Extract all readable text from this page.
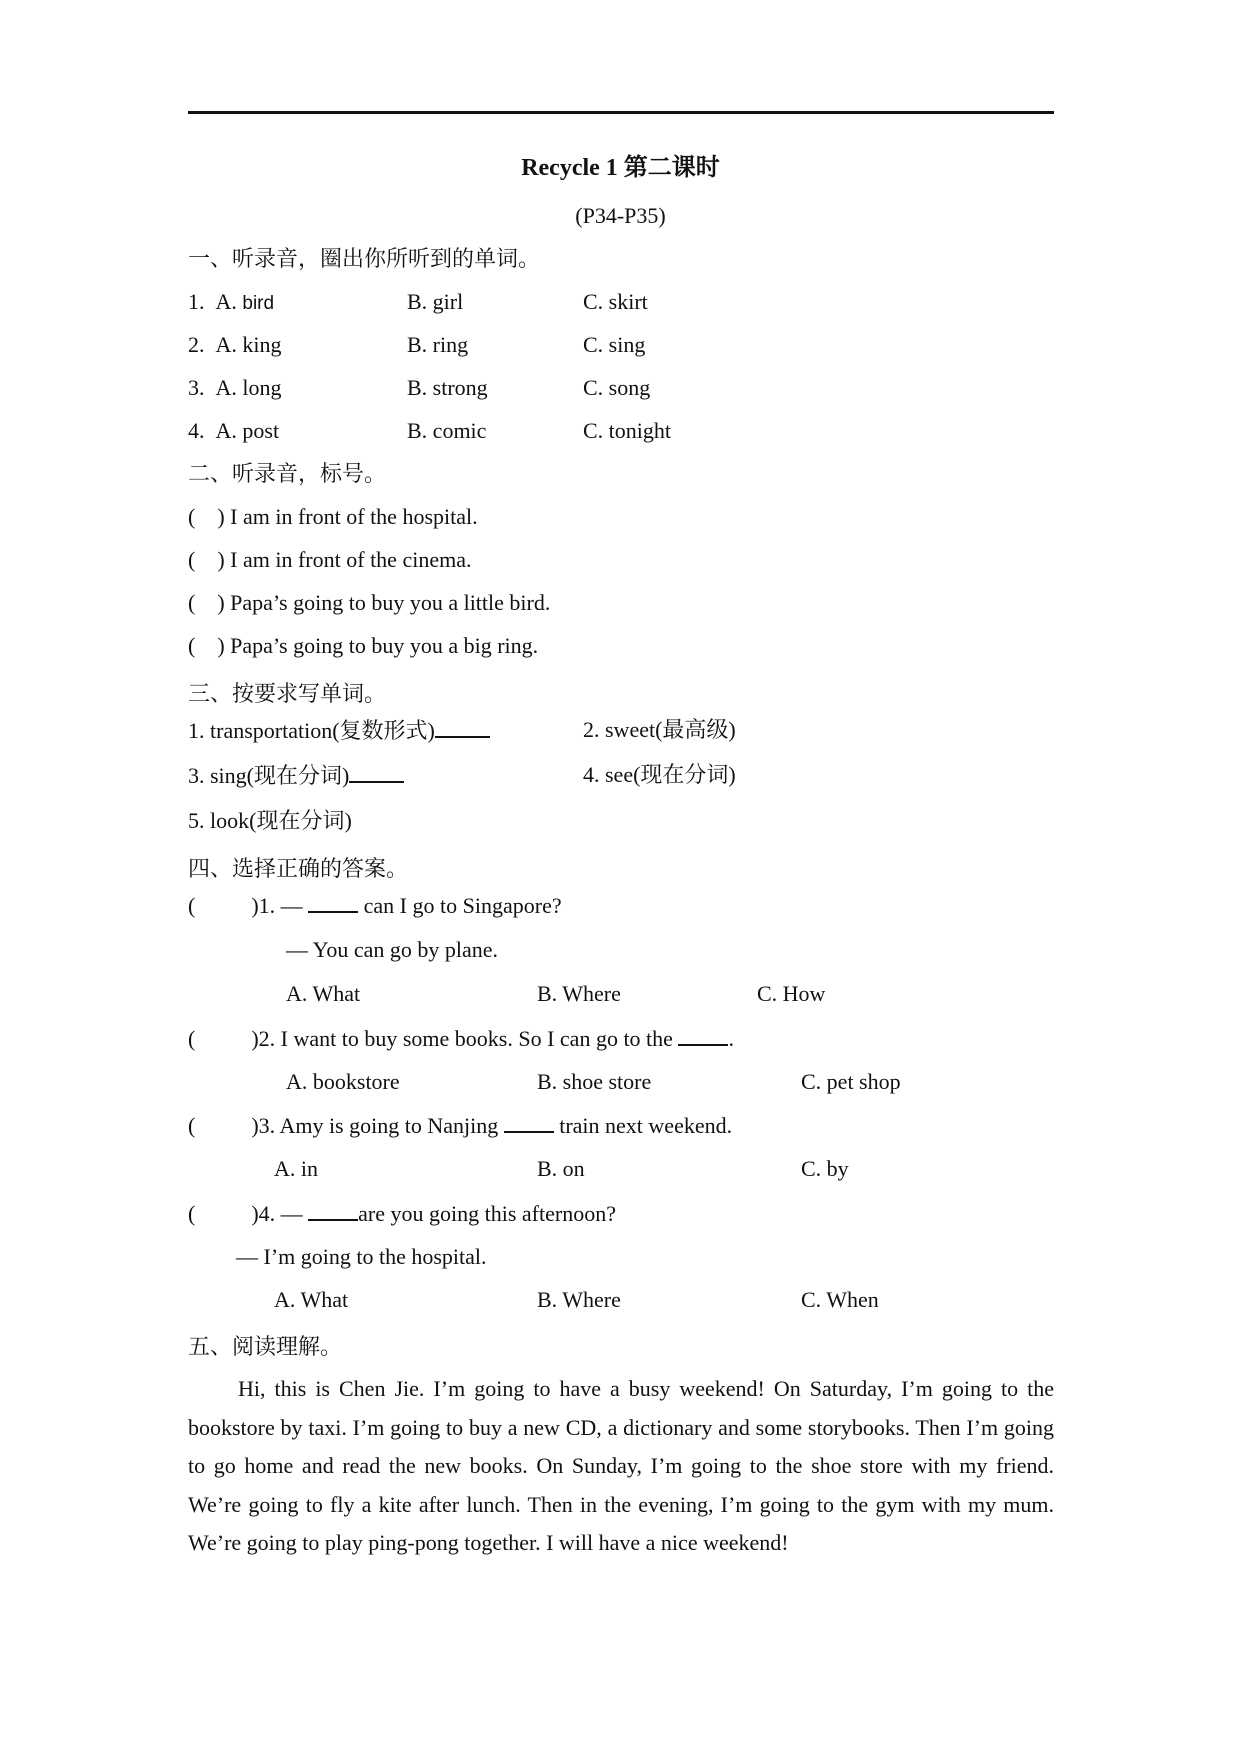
Recycle 1 第二课时
(P34-P35)
一、听录音，圈出你所听到的单词。
1. A. bird	B. girl	C. skirt
2. A. king	B. ring	C. sing
3. A. long	B. strong	C. song
4. A. post	B. comic	C. tonight
二、听录音，标号。
(    ) I am in front of the hospital.
(    ) I am in front of the cinema.
(    ) Papa’s going to buy you a little bird.
(    ) Papa’s going to buy you a big ring.
三、按要求写单词。
1. transportation(复数形式)	2. sweet(最高级)
3. sing(现在分词)	4. see(现在分词)
5. look(现在分词)
四、选择正确的答案。
(	)1. —  can I go to Singapore?
— You can go by plane.
A. What	B. Where	C. How
(	)2. I want to buy some books. So I can go to the .
A. bookstore	B. shoe store	C. pet shop
(	)3. Amy is going to Nanjing  train next weekend.
A. in	B. on	C. by
(	)4. — are you going this afternoon?
— I’m going to the hospital.
A. What	B. Where	C. When
五、阅读理解。

Hi, this is Chen Jie. I’m going to have a busy weekend! On Saturday, I’m going to the bookstore by taxi. I’m going to buy a new CD, a dictionary and some storybooks. Then I’m going to go home and read the new books. On Sunday, I’m going to the shoe store with my friend. We’re going to fly a kite after lunch. Then in the evening, I’m going to the gym with my mum. We’re going to play ping-pong together. I will have a nice weekend!
